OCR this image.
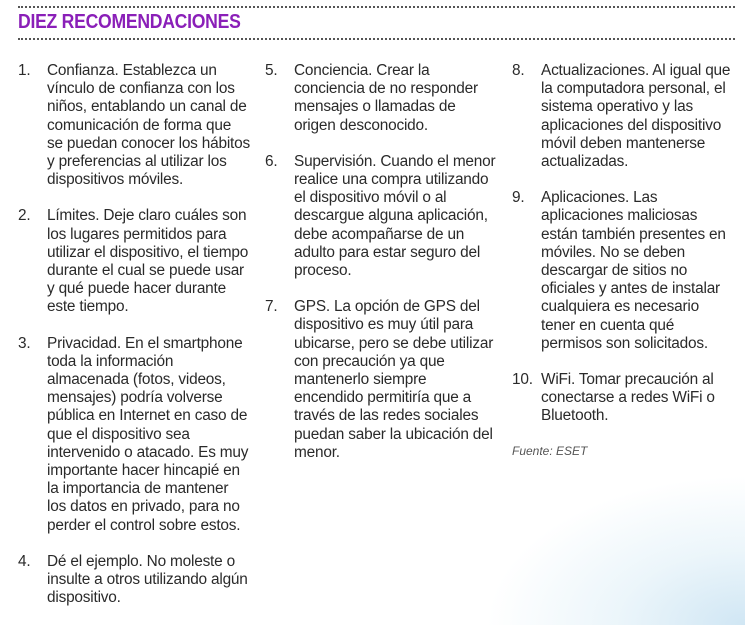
DIEZ RECOMENDACIONES
1.	Confianza. Establezca un vínculo de confianza con los niños, entablando un canal de comunicación de forma que se puedan conocer los hábitos y preferencias al utilizar los dispositivos móviles.
2.	Límites. Deje claro cuáles son los lugares permitidos para utilizar el dispositivo, el tiempo durante el cual se puede usar y qué puede hacer durante este tiempo.
3.	Privacidad. En el smartphone toda la información almacenada (fotos, videos, mensajes) podría volverse pública en Internet en caso de que el dispositivo sea intervenido o atacado. Es muy importante hacer hincapié en la importancia de mantener los datos en privado, para no perder el control sobre estos.
4.	Dé el ejemplo. No moleste o insulte a otros utilizando algún dispositivo.
5.	Conciencia. Crear la conciencia de no responder mensajes o llamadas de origen desconocido.
6.	Supervisión. Cuando el menor realice una compra utilizando el dispositivo móvil o al descargue alguna aplicación, debe acompañarse de un adulto para estar seguro del proceso.
7.	GPS. La opción de GPS del dispositivo es muy útil para ubicarse, pero se debe utilizar con precaución ya que mantenerlo siempre encendido permitiría que a través de las redes sociales puedan saber la ubicación del menor.
8.	Actualizaciones. Al igual que la computadora personal, el sistema operativo y las aplicaciones del dispositivo móvil deben mantenerse actualizadas.
9.	Aplicaciones. Las aplicaciones maliciosas están también presentes en móviles. No se deben descargar de sitios no oficiales y antes de instalar cualquiera es necesario tener en cuenta qué permisos son solicitados.
10. WiFi. Tomar precaución al conectarse a redes WiFi o Bluetooth.
Fuente: ESET
